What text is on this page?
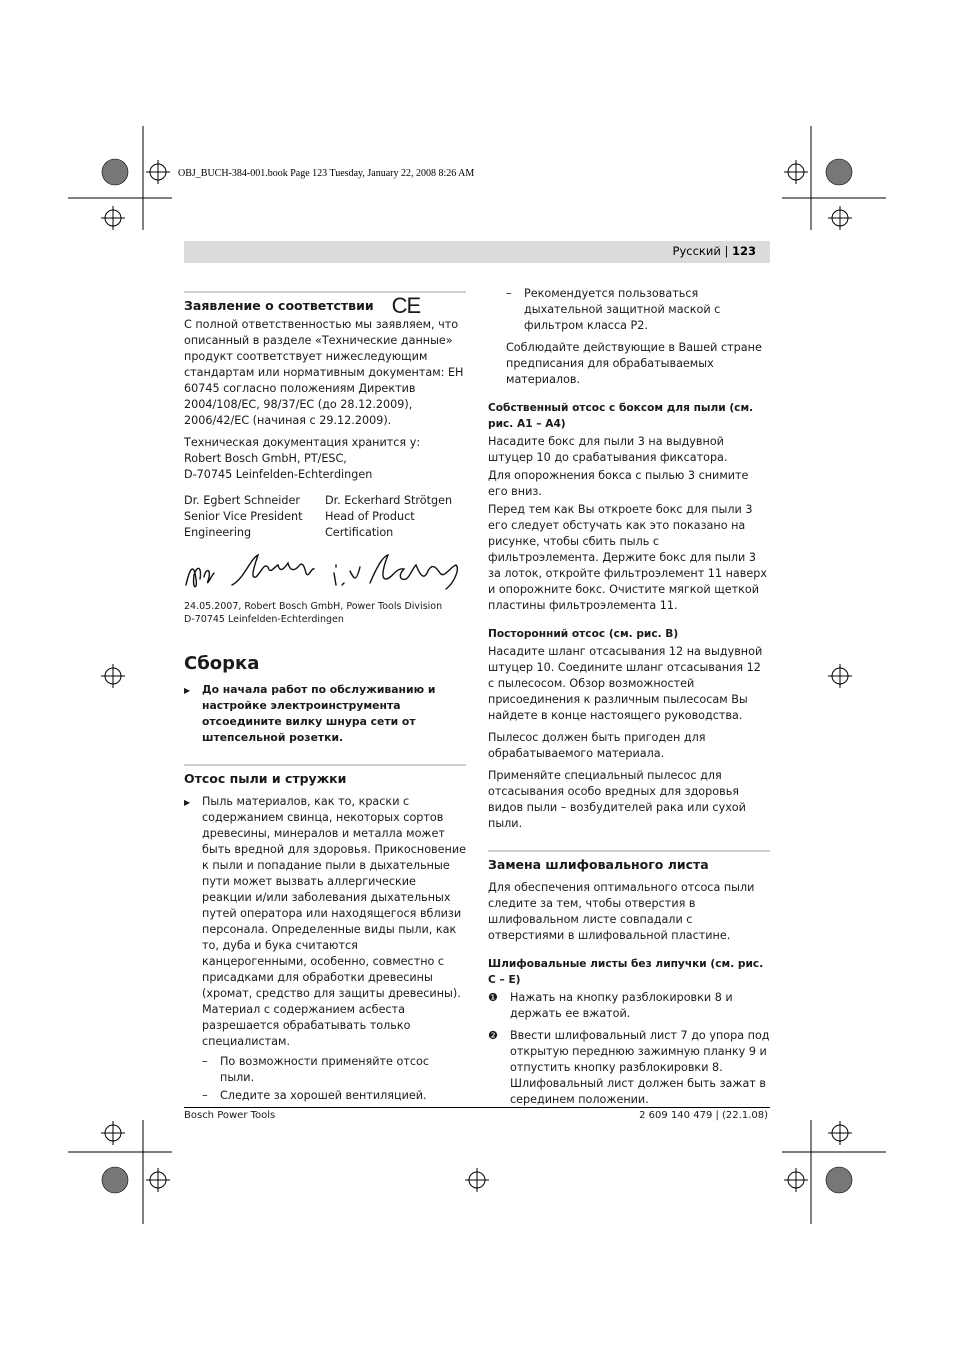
OBJ_BUCH-384-001.book Page 123 Tuesday, January 22, 2008 8:26 AM
Русский | 123
Заявление о соответствии CE

С полной ответственностью мы заявляем, что описанный в разделе «Технические данные» продукт соответствует нижеследующим стандартам или нормативным документам: EH 60745 согласно положениям Директив 2004/108/EC, 98/37/EC (до 28.12.2009), 2006/42/EC (начиная с 29.12.2009).

Техническая документация хранится у:
Robert Bosch GmbH, PT/ESC,
D-70745 Leinfelden-Echterdingen

Dr. Egbert Schneider
Senior Vice President
Engineering
Dr. Eckerhard Strötgen
Head of Product
Certification
24.05.2007, Robert Bosch GmbH, Power Tools Division
D-70745 Leinfelden-Echterdingen
Сборка

▶ До начала работ по обслуживанию и настройке электроинструмента отсоедините вилку шнура сети от штепсельной розетки.

Отсос пыли и стружки

▶ Пыль материалов, как то, краски с содержанием свинца, некоторых сортов древесины, минералов и металла может быть вредной для здоровья. Прикосновение к пыли и попадание пыли в дыхательные пути может вызвать аллергические реакции и/или заболевания дыхательных путей оператора или находящегося вблизи персонала. Определенные виды пыли, как то, дуба и бука считаются канцерогенными, особенно, совместно с присадками для обработки древесины (хромат, средство для защиты древесины). Материал с содержанием асбеста разрешается обрабатывать только специалистам.

– По возможности применяйте отсос пыли.

– Следите за хорошей вентиляцией.

– Рекомендуется пользоваться дыхательной защитной маской с фильтром класса Р2.

Соблюдайте действующие в Вашей стране предписания для обрабатываемых материалов.

Собственный отсос с боксом для пыли (см. рис. A1 – A4)

Насадите бокс для пыли 3 на выдувной штуцер 10 до срабатывания фиксатора.

Для опорожнения бокса с пылью 3 снимите его вниз.

Перед тем как Вы откроете бокс для пыли 3 его следует обстучать как это показано на рисунке, чтобы сбить пыль с фильтроэлемента. Держите бокс для пыли 3 за лоток, откройте фильтроэлемент 11 наверх и опорожните бокс. Очистите мягкой щеткой пластины фильтроэлемента 11.

Посторонний отсос (см. рис. B)

Насадите шланг отсасывания 12 на выдувной штуцер 10. Соедините шланг отсасывания 12 с пылесосом. Обзор возможностей присоединения к различным пылесосам Вы найдете в конце настоящего руководства.

Пылесос должен быть пригоден для обрабатываемого материала.

Применяйте специальный пылесос для отсасывания особо вредных для здоровья видов пыли – возбудителей рака или сухой пыли.

Замена шлифовального листа

Для обеспечения оптимального отсоса пыли следите за тем, чтобы отверстия в шлифовальном листе совпадали с отверстиями в шлифовальной пластине.

Шлифовальные листы без липучки (см. рис. C – E)

❶ Нажать на кнопку разблокировки 8 и держать ее вжатой.

❷ Ввести шлифовальный лист 7 до упора под открытую переднюю зажимную планку 9 и отпустить кнопку разблокировки 8. Шлифовальный лист должен быть зажат в серединем положении.

Bosch Power Tools	2 609 140 479 | (22.1.08)
